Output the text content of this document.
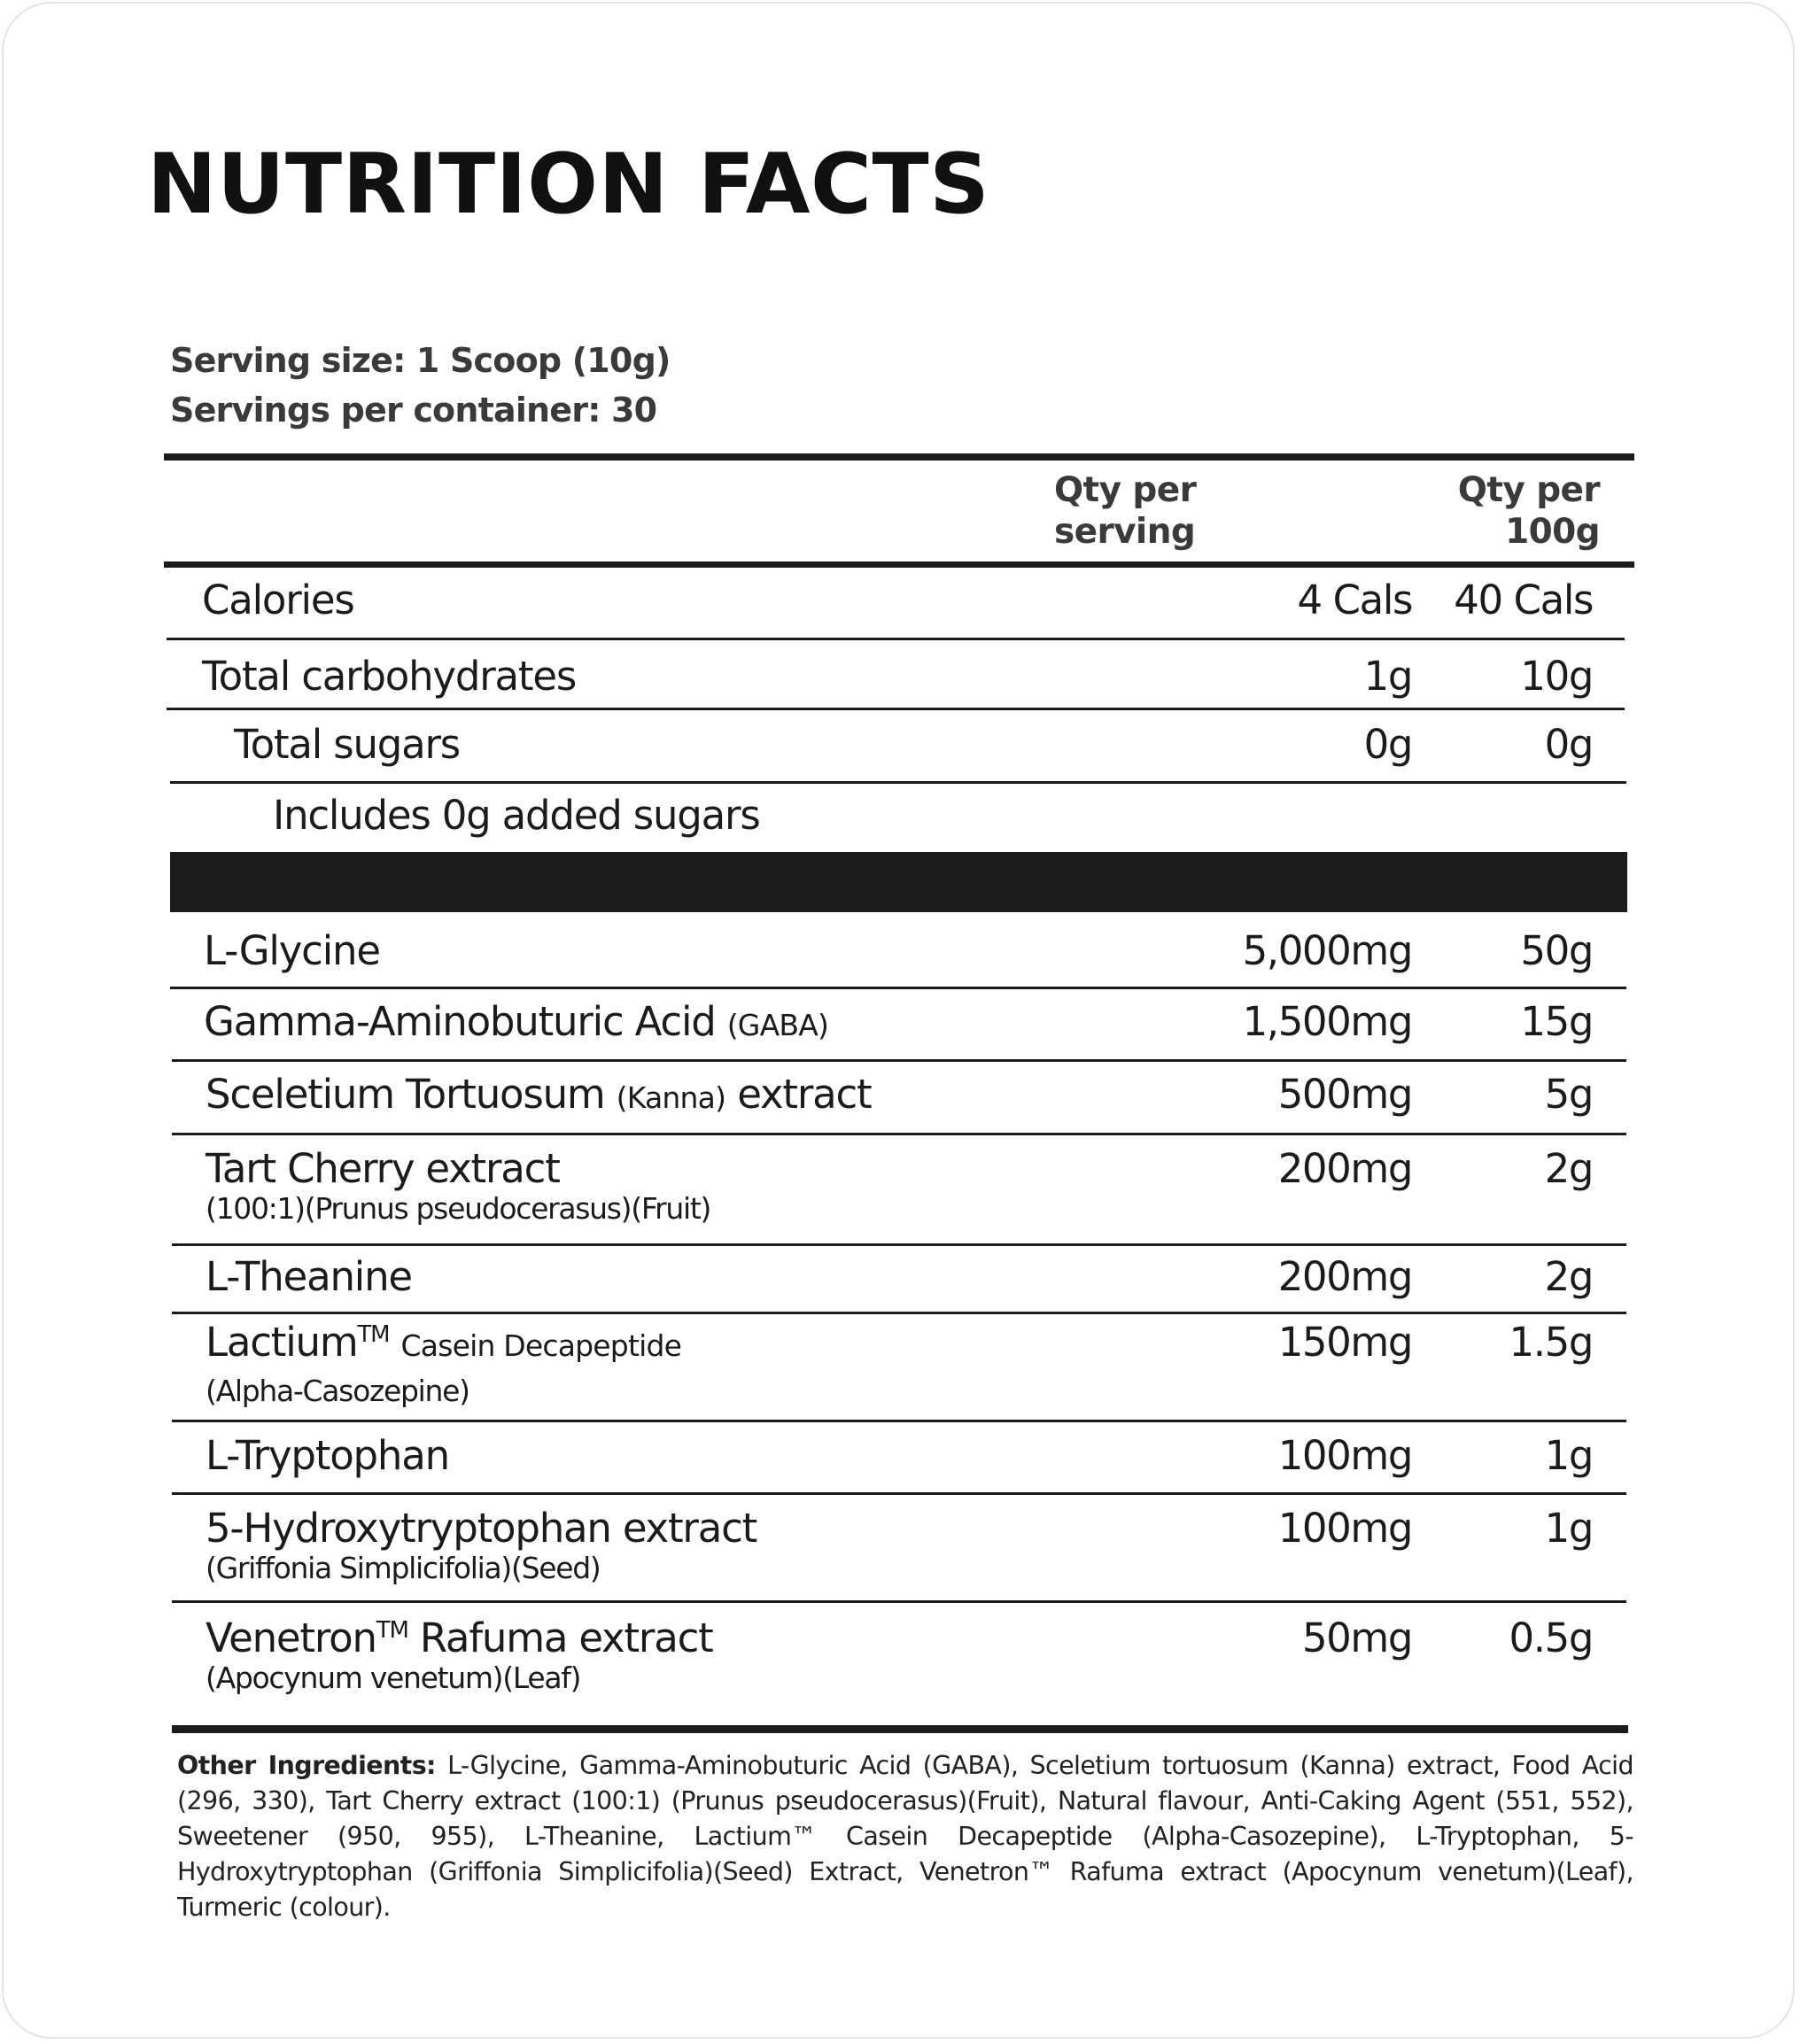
NUTRITION FACTS
Serving size: 1 Scoop (10g)
Servings per container: 30
Qty per
serving
Qty per
100g
Calories	4 Cals 40 Cals
Total carbohydrates	1g	10g
Total sugars	0g	0g
Includes 0g added sugars
L-Glycine	5,000mg	50g
Gamma-Aminobuturic Acid (GABA)	1,500mg	15g
Sceletium Tortuosum (Kanna) extract	500mg	5g
Tart Cherry extract
(100:1)(Prunus pseudocerasus)(Fruit)
200mg	2g
L-Theanine	200mg	2g
Lactium™ Casein Decapeptide
(Alpha-Casozepine)
150mg 1.5g
L-Tryptophan	100mg	1g
5-Hydroxytryptophan extract
(Griffonia Simplicifolia)(Seed)
100mg	1g
Venetron™ Rafuma extract
(Apocynum venetum)(Leaf)
50mg 0.5g
Other Ingredients: L-Glycine, Gamma-Aminobuturic Acid (GABA), Sceletium tortuosum (Kanna) extract, Food Acid (296, 330), Tart Cherry extract (100:1) (Prunus pseudocerasus)(Fruit), Natural flavour, Anti-Caking Agent (551, 552), Sweetener (950, 955), L-Theanine, Lactium™ Casein Decapeptide (Alpha-Casozepine), L-Tryptophan, 5-Hydroxytryptophan (Griffonia Simplicifolia)(Seed) Extract, Venetron™ Rafuma extract (Apocynum venetum)(Leaf), Turmeric (colour).
